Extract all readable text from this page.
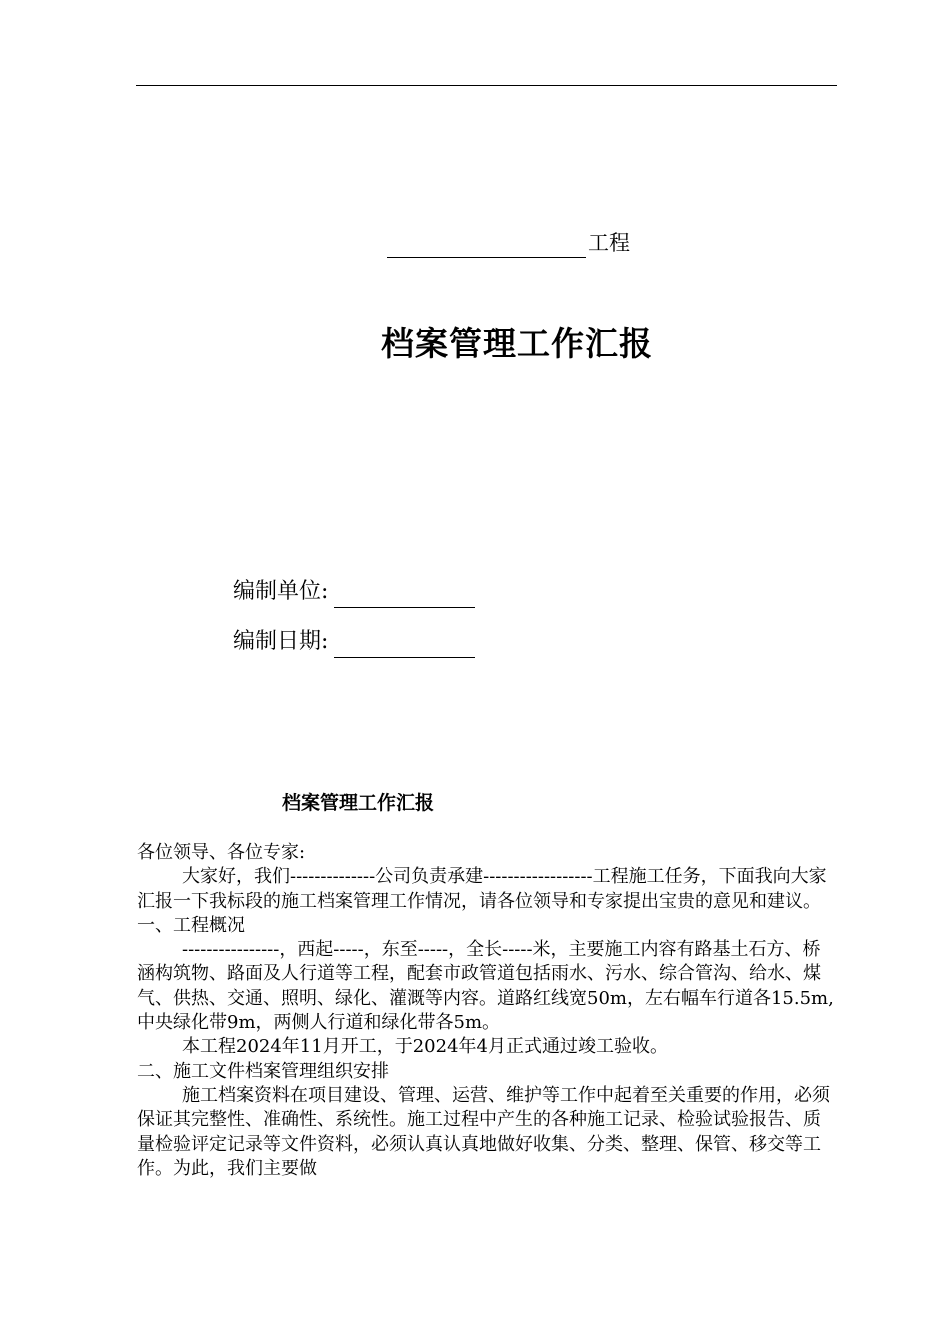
工程
档案管理工作汇报
编制单位:
编制日期:
档案管理工作汇报

各位领导、各位专家:

大家好，我们--------------公司负责承建------------------工程施工任务，下面我向大家汇报一下我标段的施工档案管理工作情况，请各位领导和专家提出宝贵的意见和建议。

一、工程概况

----------------，西起-----，东至-----，全长-----米，主要施工内容有路基土石方、桥涵构筑物、路面及人行道等工程，配套市政管道包括雨水、污水、综合管沟、给水、煤气、供热、交通、照明、绿化、灌溉等内容。道路红线宽50m，左右幅车行道各15.5m,中央绿化带9m，两侧人行道和绿化带各5m。

本工程2024年11月开工，于2024年4月正式通过竣工验收。

二、施工文件档案管理组织安排

施工档案资料在项目建设、管理、运营、维护等工作中起着至关重要的作用，必须保证其完整性、准确性、系统性。施工过程中产生的各种施工记录、检验试验报告、质量检验评定记录等文件资料，必须认真认真地做好收集、分类、整理、保管、移交等工作。为此，我们主要做
